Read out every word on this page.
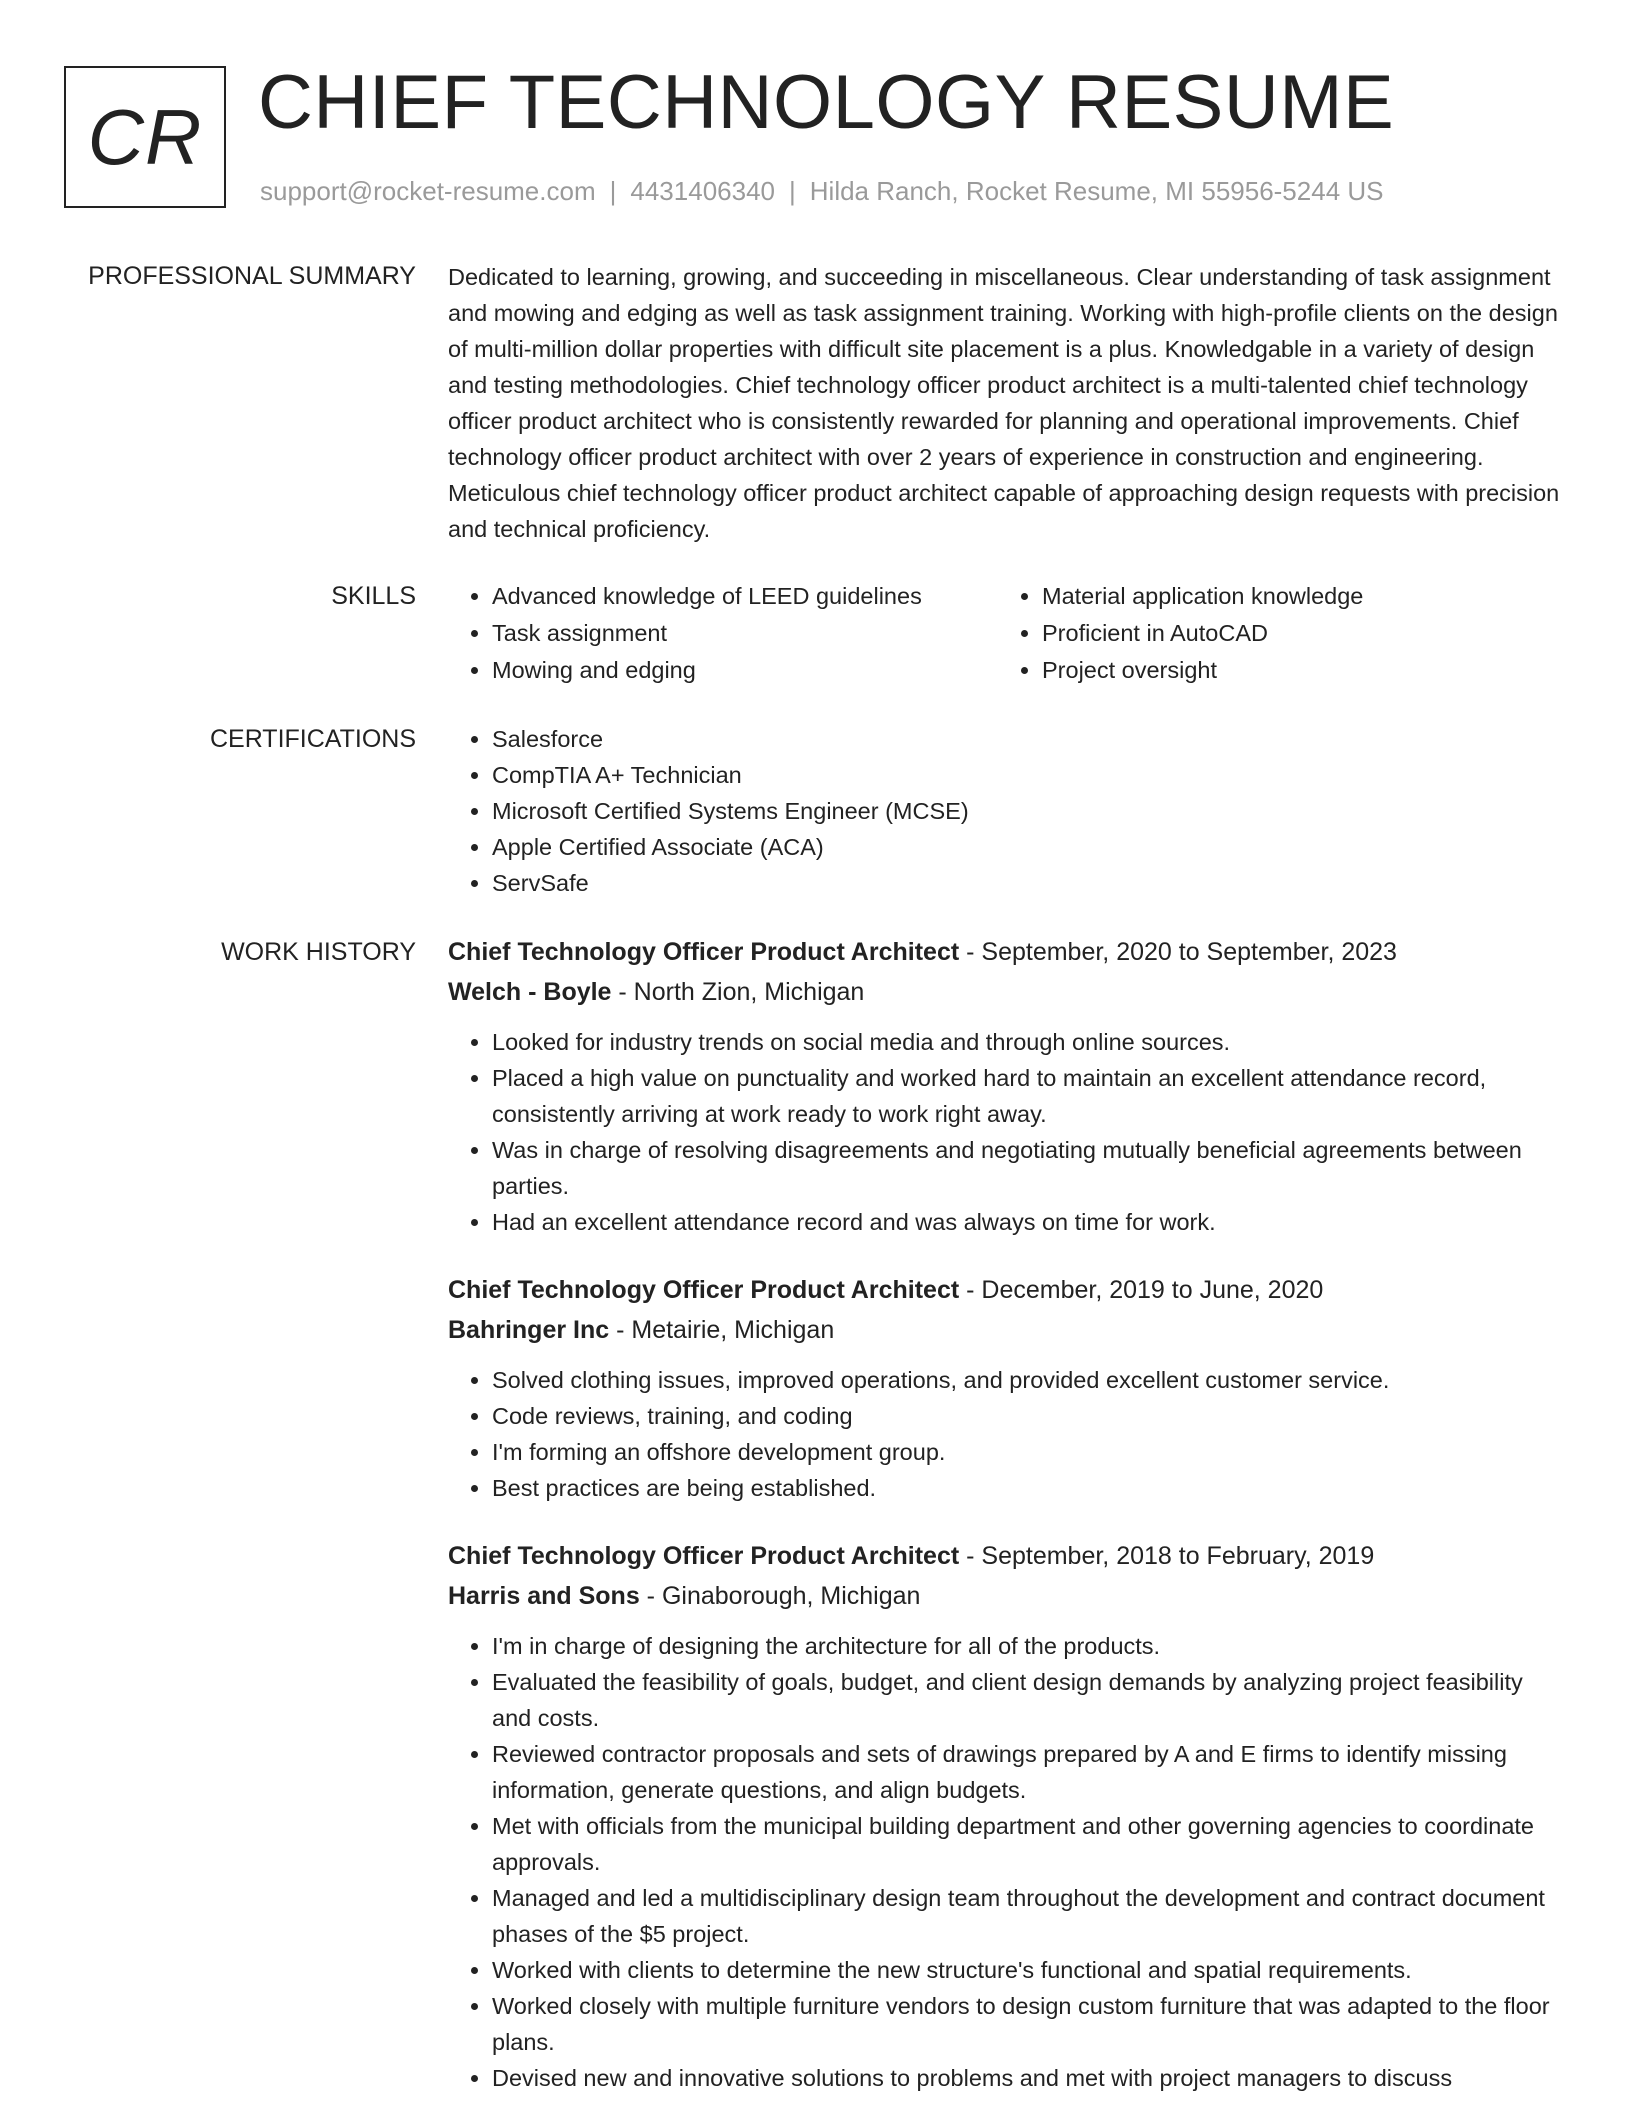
CR CHIEF TECHNOLOGY RESUME
support@rocket-resume.com | 4431406340 | Hilda Ranch, Rocket Resume, MI 55956-5244 US
PROFESSIONAL SUMMARY Dedicated to learning, growing, and succeeding in miscellaneous. Clear understanding of task assignment and mowing and edging as well as task assignment training. Working with high-profile clients on the design of multi-million dollar properties with difficult site placement is a plus. Knowledgable in a variety of design and testing methodologies. Chief technology officer product architect is a multi-talented chief technology officer product architect who is consistently rewarded for planning and operational improvements. Chief technology officer product architect with over 2 years of experience in construction and engineering. Meticulous chief technology officer product architect capable of approaching design requests with precision and technical proficiency.
SKILLS	• Advanced knowledge of LEED guidelines
• Task assignment
• Mowing and edging
• Material application knowledge
• Proficient in AutoCAD
• Project oversight
CERTIFICATIONS	• Salesforce
• CompTIA A+ Technician
• Microsoft Certified Systems Engineer (MCSE)
• Apple Certified Associate (ACA)
• ServSafe
WORK HISTORY Chief Technology Officer Product Architect - September, 2020 to September, 2023
Welch - Boyle - North Zion, Michigan
• Looked for industry trends on social media and through online sources.
• Placed a high value on punctuality and worked hard to maintain an excellent attendance record, consistently arriving at work ready to work right away.
• Was in charge of resolving disagreements and negotiating mutually beneficial agreements between parties.
• Had an excellent attendance record and was always on time for work.
Chief Technology Officer Product Architect - December, 2019 to June, 2020
Bahringer Inc - Metairie, Michigan
• Solved clothing issues, improved operations, and provided excellent customer service.
• Code reviews, training, and coding
• I'm forming an offshore development group.
• Best practices are being established.
Chief Technology Officer Product Architect - September, 2018 to February, 2019
Harris and Sons - Ginaborough, Michigan
• I'm in charge of designing the architecture for all of the products.
• Evaluated the feasibility of goals, budget, and client design demands by analyzing project feasibility and costs.
• Reviewed contractor proposals and sets of drawings prepared by A and E firms to identify missing information, generate questions, and align budgets.
• Met with officials from the municipal building department and other governing agencies to coordinate approvals.
• Managed and led a multidisciplinary design team throughout the development and contract document phases of the $5 project.
• Worked with clients to determine the new structure's functional and spatial requirements.
• Worked closely with multiple furniture vendors to design custom furniture that was adapted to the floor plans.
• Devised new and innovative solutions to problems and met with project managers to discuss
